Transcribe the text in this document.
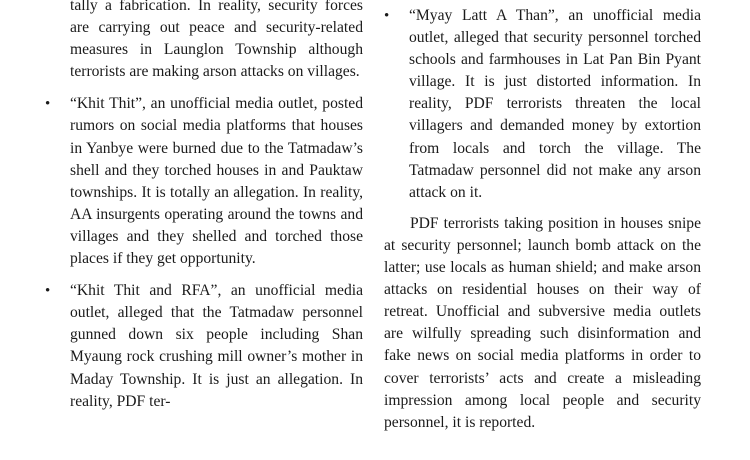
tally a fabrication. In reality, security forces are carrying out peace and security-related measures in Launglon Township although terrorists are making arson attacks on villages.

•	“Khit Thit”, an unofficial media outlet, posted rumors on social media platforms that houses in Yanbye were burned due to the Tatmadaw’s shell and they torched houses in and Pauktaw townships. It is totally an allegation. In reality, AA insurgents operating around the towns and villages and they shelled and torched those places if they get opportunity.
•	“Khit Thit and RFA”, an unofficial media outlet, alleged that the Tatmadaw personnel gunned down six people including Shan Myaung rock crushing mill owner’s mother in Maday Township. It is just an allegation. In reality, PDF ter-
•	“Myay Latt A Than”, an unofficial media outlet, alleged that security personnel torched schools and farmhouses in Lat Pan Bin Pyant village. It is just distorted information. In reality, PDF terrorists threaten the local villagers and demanded money by extortion from locals and torch the village. The Tatmadaw personnel did not make any arson attack on it.

PDF terrorists taking position in houses snipe at security personnel; launch bomb attack on the latter; use locals as human shield; and make arson attacks on residential houses on their way of retreat. Unofficial and subversive media outlets are wilfully spreading such disinformation and fake news on social media platforms in order to cover terrorists’ acts and create a misleading impression among local people and security personnel, it is reported.
